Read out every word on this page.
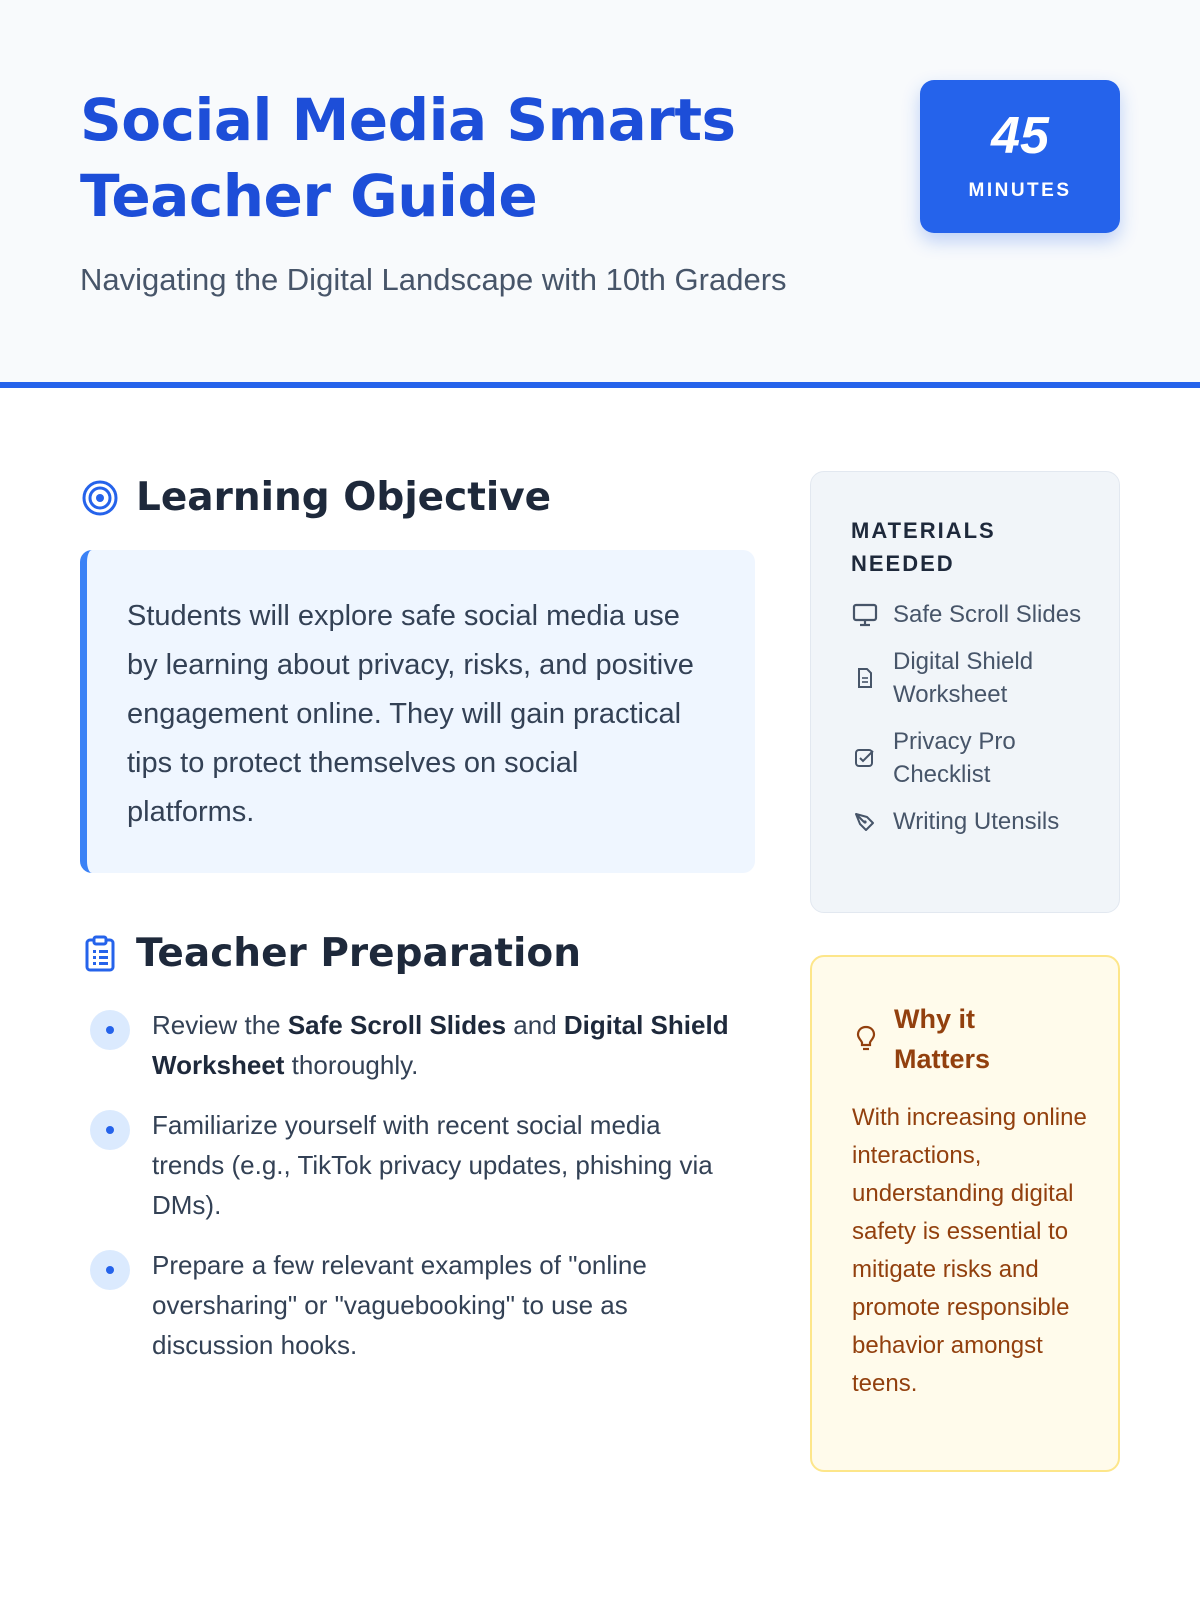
Social Media Smarts Teacher Guide
Navigating the Digital Landscape with 10th Graders
45
MINUTES
Learning Objective

Students will explore safe social media use by learning about privacy, risks, and positive engagement online. They will gain practical tips to protect themselves on social platforms.

Teacher Preparation

Review the Safe Scroll Slides and Digital Shield Worksheet thoroughly.

Familiarize yourself with recent social media trends (e.g., TikTok privacy updates, phishing via DMs).

Prepare a few relevant examples of "online oversharing" or "vaguebooking" to use as discussion hooks.

MATERIALS NEEDED
Safe Scroll Slides
Digital Shield Worksheet
Privacy Pro Checklist
Writing Utensils
Why it Matters

With increasing online interactions, understanding digital safety is essential to mitigate risks and promote responsible behavior amongst teens.
